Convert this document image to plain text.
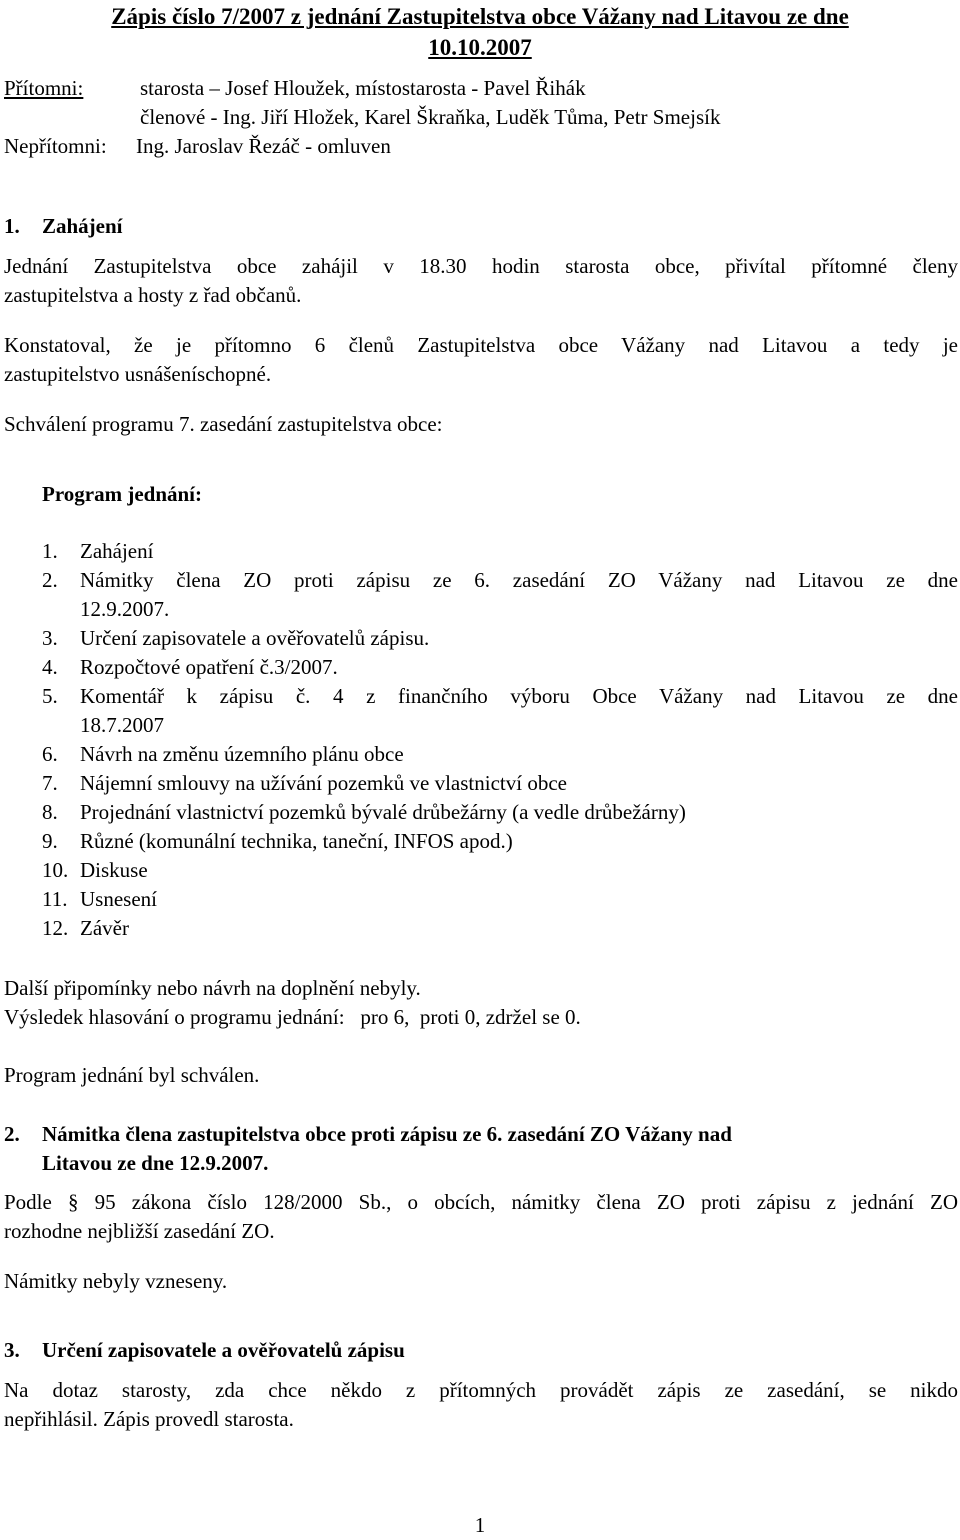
Zápis číslo 7/2007 z jednání Zastupitelstva obce Vážany nad Litavou ze dne
10.10.2007
Přítomni:	starosta – Josef Hloužek, místostarosta - Pavel Řihák
členové - Ing. Jiří Hložek, Karel Škraňka, Luděk Tůma, Petr Smejsík
Nepřítomni: Ing. Jaroslav Řezáč - omluven
1. Zahájení
Jednání Zastupitelstva obce zahájil v 18.30 hodin starosta obce, přivítal přítomné členy
zastupitelstva a hosty z řad občanů.
Konstatoval, že je přítomno 6 členů Zastupitelstva obce Vážany nad Litavou a tedy je
zastupitelstvo usnášeníschopné.
Schválení programu 7. zasedání zastupitelstva obce:
Program jednání:
1. Zahájení
2. Námitky člena ZO proti zápisu ze 6. zasedání ZO Vážany nad Litavou ze dne
12.9.2007.
3. Určení zapisovatele a ověřovatelů zápisu.
4. Rozpočtové opatření č.3/2007.
5. Komentář k zápisu č. 4 z finančního výboru Obce Vážany nad Litavou ze dne
18.7.2007
6. Návrh na změnu územního plánu obce
7. Nájemní smlouvy na užívání pozemků ve vlastnictví obce
8. Projednání vlastnictví pozemků bývalé drůbežárny (a vedle drůbežárny)
9. Různé (komunální technika, taneční, INFOS apod.)
10. Diskuse
11. Usnesení
12. Závěr
Další připomínky nebo návrh na doplnění nebyly.
Výsledek hlasování o programu jednání:   pro 6,  proti 0, zdržel se 0.
Program jednání byl schválen.
2. Námitka člena zastupitelstva obce proti zápisu ze 6. zasedání ZO Vážany nad
Litavou ze dne 12.9.2007.
Podle § 95 zákona číslo 128/2000 Sb., o obcích, námitky člena ZO proti zápisu z jednání ZO
rozhodne nejbližší zasedání ZO.
Námitky nebyly vzneseny.
3. Určení zapisovatele a ověřovatelů zápisu
Na dotaz starosty, zda chce někdo z přítomných provádět zápis ze zasedání, se nikdo
nepřihlásil. Zápis provedl starosta.
1
